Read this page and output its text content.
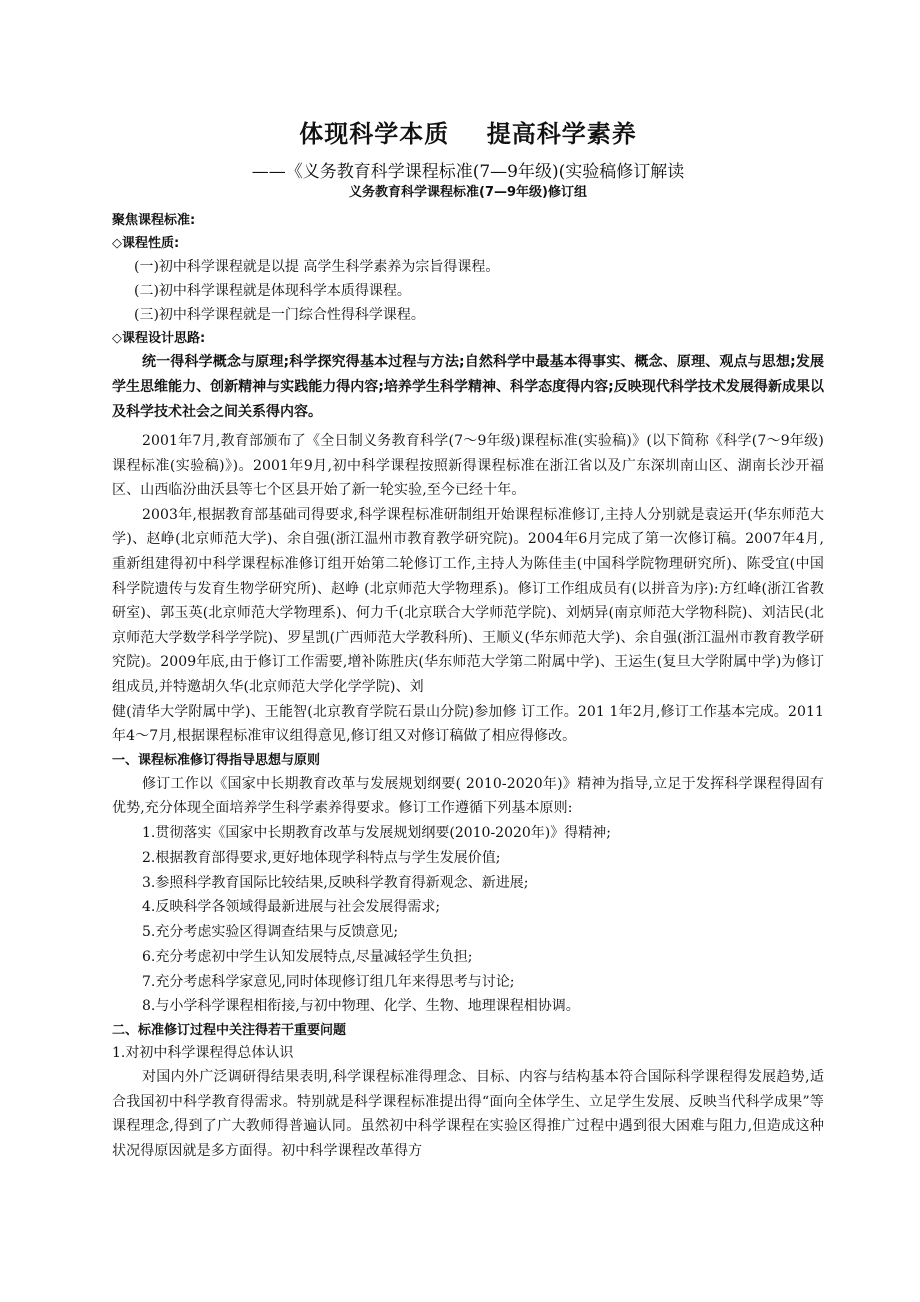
体现科学本质    提高科学素养

——《义务教育科学课程标准(7—9年级)(实验稿修订解读

义务教育科学课程标准(7—9年级)修订组

聚焦课程标准:

◇课程性质:

(一)初中科学课程就是以提 高学生科学素养为宗旨得课程。

(二)初中科学课程就是体现科学本质得课程。

(三)初中科学课程就是一门综合性得科学课程。

◇课程设计思路:

统一得科学概念与原理;科学探究得基本过程与方法;自然科学中最基本得事实、概念、原理、观点与思想;发展学生思维能力、创新精神与实践能力得内容;培养学生科学精神、科学态度得内容;反映现代科学技术发展得新成果以及科学技术社会之间关系得内容。

2001年7月,教育部颁布了《全日制义务教育科学(7～9年级)课程标准(实验稿)》(以下简称《科学(7～9年级)课程标准(实验稿)》)。2001年9月,初中科学课程按照新得课程标准在浙江省以及广东深圳南山区、湖南长沙开福区、山西临汾曲沃县等七个区县开始了新一轮实验,至今已经十年。

2003年,根据教育部基础司得要求,科学课程标准研制组开始课程标准修订,主持人分别就是袁运开(华东师范大学)、赵峥(北京师范大学)、余自强(浙江温州市教育教学研究院)。2004年6月完成了第一次修订稿。2007年4月,重新组建得初中科学课程标准修订组开始第二轮修订工作,主持人为陈佳圭(中国科学院物理研究所)、陈受宜(中国科学院遗传与发育生物学研究所)、赵峥 (北京师范大学物理系)。修订工作组成员有(以拼音为序):方红峰(浙江省教研室)、郭玉英(北京师范大学物理系)、何力千(北京联合大学师范学院)、刘炳异(南京师范大学物科院)、刘洁民(北京师范大学数学科学学院)、罗星凯(广西师范大学教科所)、王顺义(华东师范大学)、余自强(浙江温州市教育教学研究院)。2009年底,由于修订工作需要,增补陈胜庆(华东师范大学第二附属中学)、王运生(复旦大学附属中学)为修订组成员,并特邀胡久华(北京师范大学化学学院)、刘

健(清华大学附属中学)、王能智(北京教育学院石景山分院)参加修 订工作。201 1年2月,修订工作基本完成。2011年4～7月,根据课程标准审议组得意见,修订组又对修订稿做了相应得修改。

一、课程标准修订得指导思想与原则

修订工作以《国家中长期教育改革与发展规划纲要( 2010-2020年)》精神为指导,立足于发挥科学课程得固有优势,充分体现全面培养学生科学素养得要求。修订工作遵循下列基本原则:

1.贯彻落实《国家中长期教育改革与发展规划纲要(2010-2020年)》得精神;

2.根据教育部得要求,更好地体现学科特点与学生发展价值;

3.参照科学教育国际比较结果,反映科学教育得新观念、新进展;

4.反映科学各领域得最新进展与社会发展得需求;

5.充分考虑实验区得调查结果与反馈意见;

6.充分考虑初中学生认知发展特点,尽量减轻学生负担;

7.充分考虑科学家意见,同时体现修订组几年来得思考与讨论;

8.与小学科学课程相衔接,与初中物理、化学、生物、地理课程相协调。

二、标准修订过程中关注得若干重要问题

1.对初中科学课程得总体认识

对国内外广泛调研得结果表明,科学课程标准得理念、目标、内容与结构基本符合国际科学课程得发展趋势,适合我国初中科学教育得需求。特别就是科学课程标准提出得“面向全体学生、立足学生发展、反映当代科学成果”等课程理念,得到了广大教师得普遍认同。虽然初中科学课程在实验区得推广过程中遇到很大困难与阻力,但造成这种状况得原因就是多方面得。初中科学课程改革得方
